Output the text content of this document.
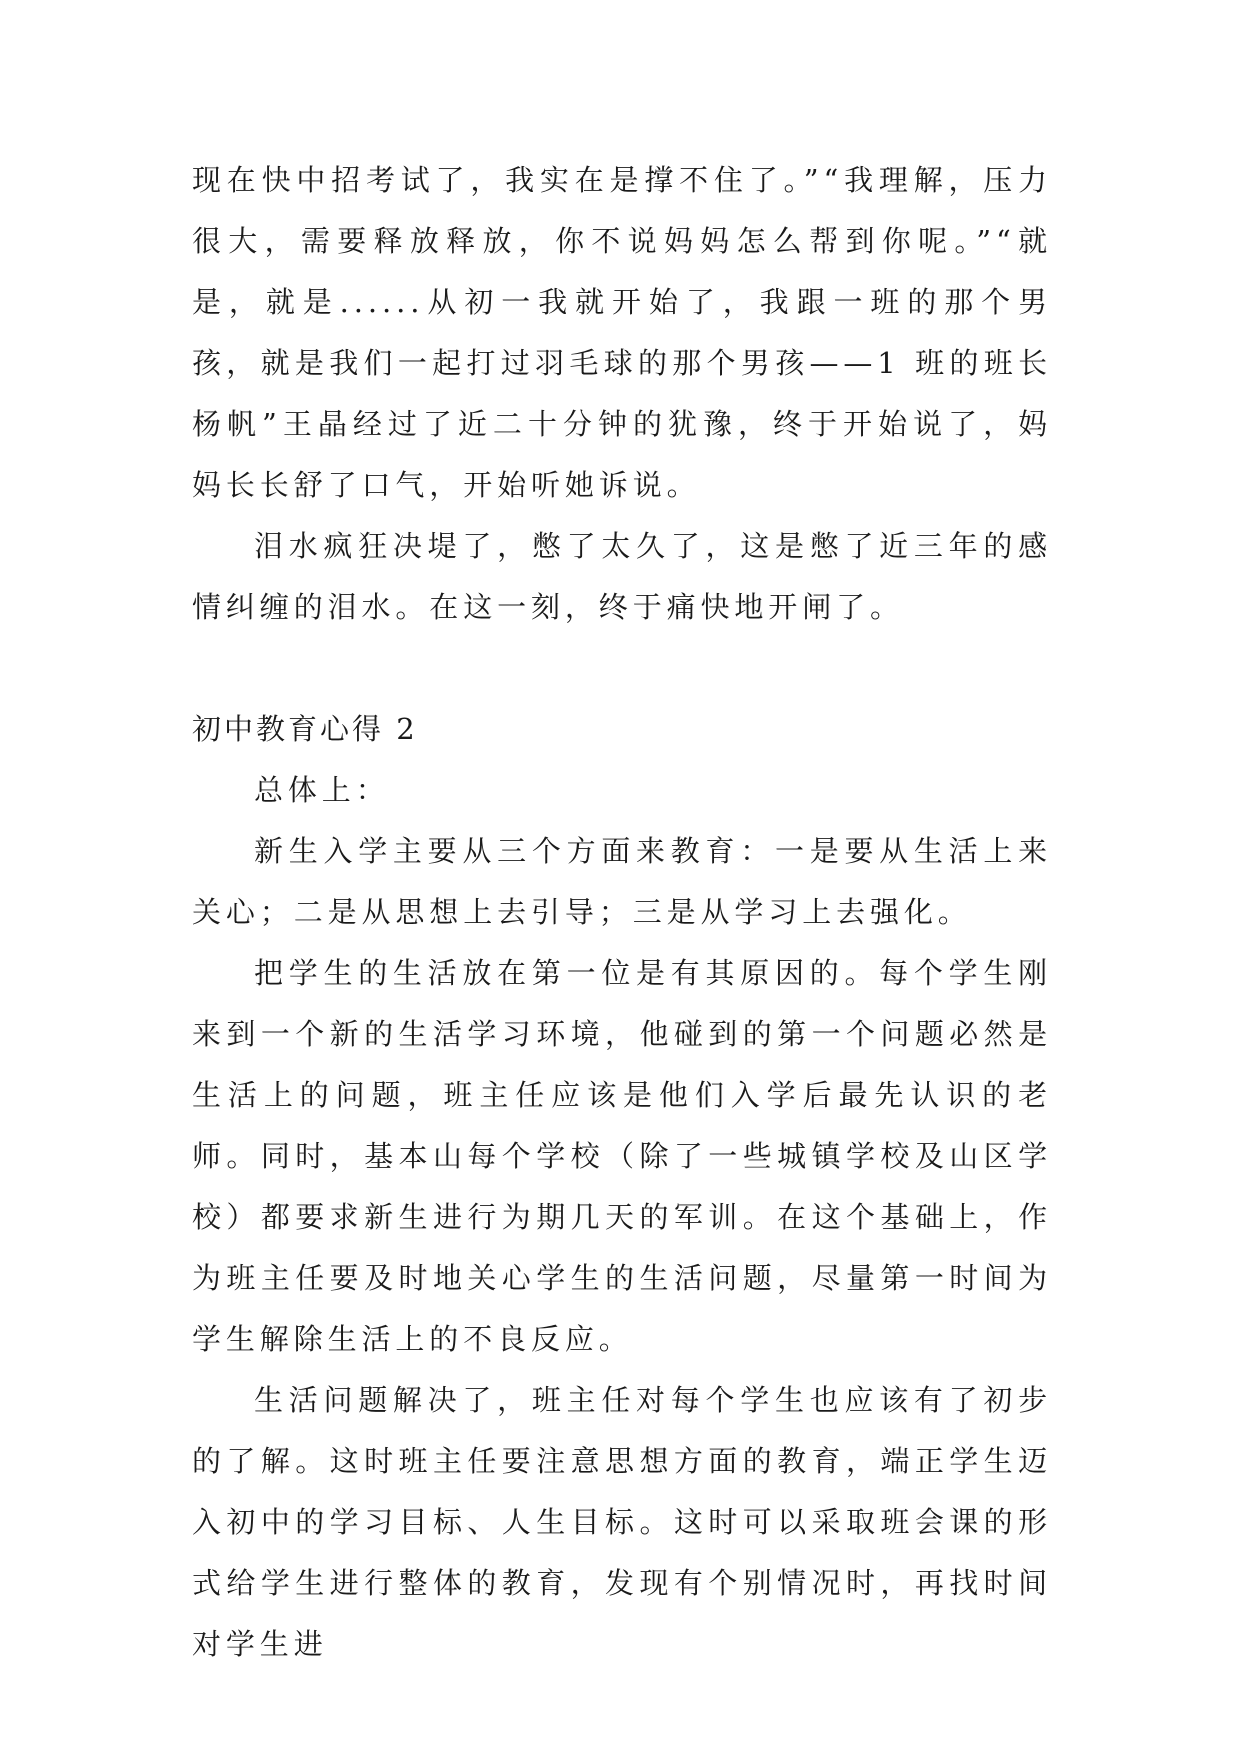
现在快中招考试了，我实在是撑不住了。”“我理解，压力很大，需要释放释放，你不说妈妈怎么帮到你呢。”“就是，就是......从初一我就开始了，我跟一班的那个男孩，就是我们一起打过羽毛球的那个男孩——1 班的班长杨帆”王晶经过了近二十分钟的犹豫，终于开始说了，妈妈长长舒了口气，开始听她诉说。

泪水疯狂决堤了，憋了太久了，这是憋了近三年的感情纠缠的泪水。在这一刻，终于痛快地开闸了。

初中教育心得 2

总体上：

新生入学主要从三个方面来教育：一是要从生活上来关心；二是从思想上去引导；三是从学习上去强化。

把学生的生活放在第一位是有其原因的。每个学生刚来到一个新的生活学习环境，他碰到的第一个问题必然是生活上的问题，班主任应该是他们入学后最先认识的老师。同时，基本山每个学校（除了一些城镇学校及山区学校）都要求新生进行为期几天的军训。在这个基础上，作为班主任要及时地关心学生的生活问题，尽量第一时间为学生解除生活上的不良反应。

生活问题解决了，班主任对每个学生也应该有了初步的了解。这时班主任要注意思想方面的教育，端正学生迈入初中的学习目标、人生目标。这时可以采取班会课的形式给学生进行整体的教育，发现有个别情况时，再找时间对学生进
